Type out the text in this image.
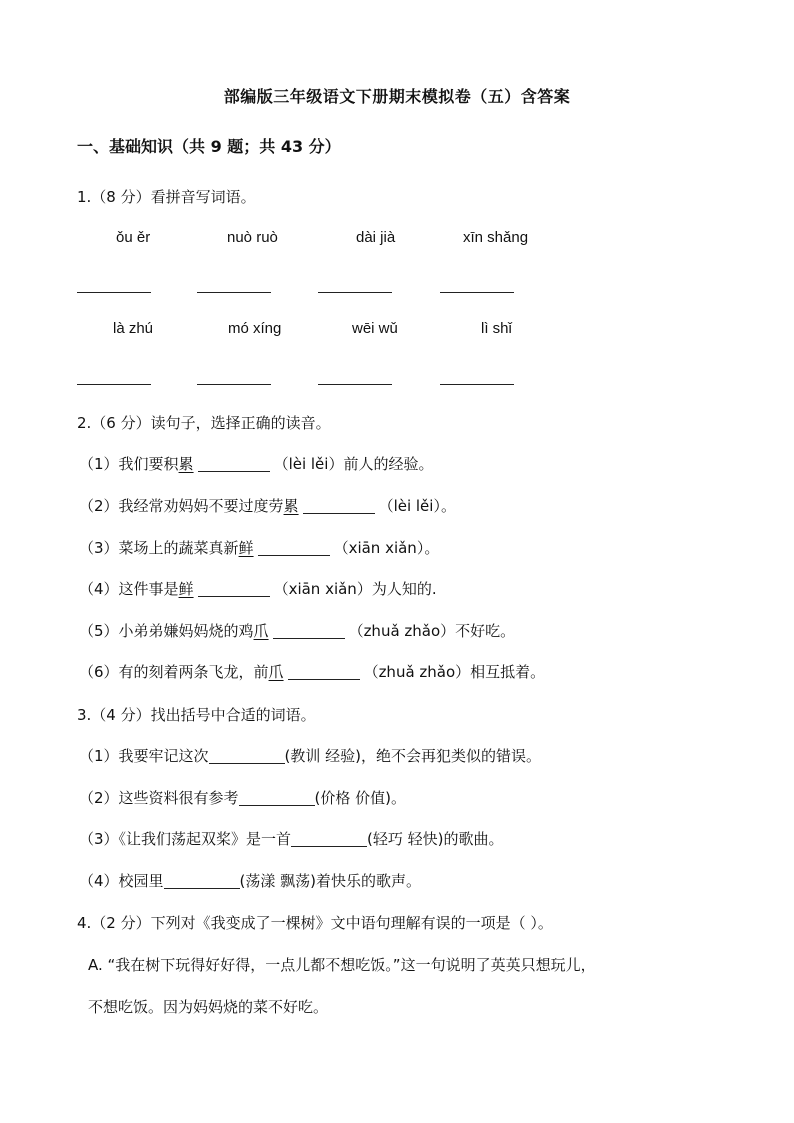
部编版三年级语文下册期末模拟卷（五）含答案
一、基础知识（共 9 题；共 43 分）
1.（8 分）看拼音写词语。
ǒu ěr	nuò ruò	dài jià	xīn shǎng
là zhú	mó xíng	wēi wǔ	lì shǐ
2.（6 分）读句子，选择正确的读音。
（1）我们要积累	（lèi lěi）前人的经验。
（2）我经常劝妈妈不要过度劳累	（lèi lěi）。
（3）菜场上的蔬菜真新鲜	（xiān xiǎn）。
（4）这件事是鲜	（xiān xiǎn）为人知的.
（5）小弟弟嫌妈妈烧的鸡爪	（zhuǎ zhǎo）不好吃。
（6）有的刻着两条飞龙，前爪	（zhuǎ zhǎo）相互抵着。
3.（4 分）找出括号中合适的词语。
（1）我要牢记这次	(教训 经验)，绝不会再犯类似的错误。
（2）这些资料很有参考	(价格 价值)。
（3）《让我们荡起双桨》是一首	(轻巧 轻快)的歌曲。
（4）校园里	(荡漾 飘荡)着快乐的歌声。
4.（2 分）下列对《我变成了一棵树》文中语句理解有误的一项是（ ）。
A. “我在树下玩得好好得，一点儿都不想吃饭。”这一句说明了英英只想玩儿，
不想吃饭。因为妈妈烧的菜不好吃。
